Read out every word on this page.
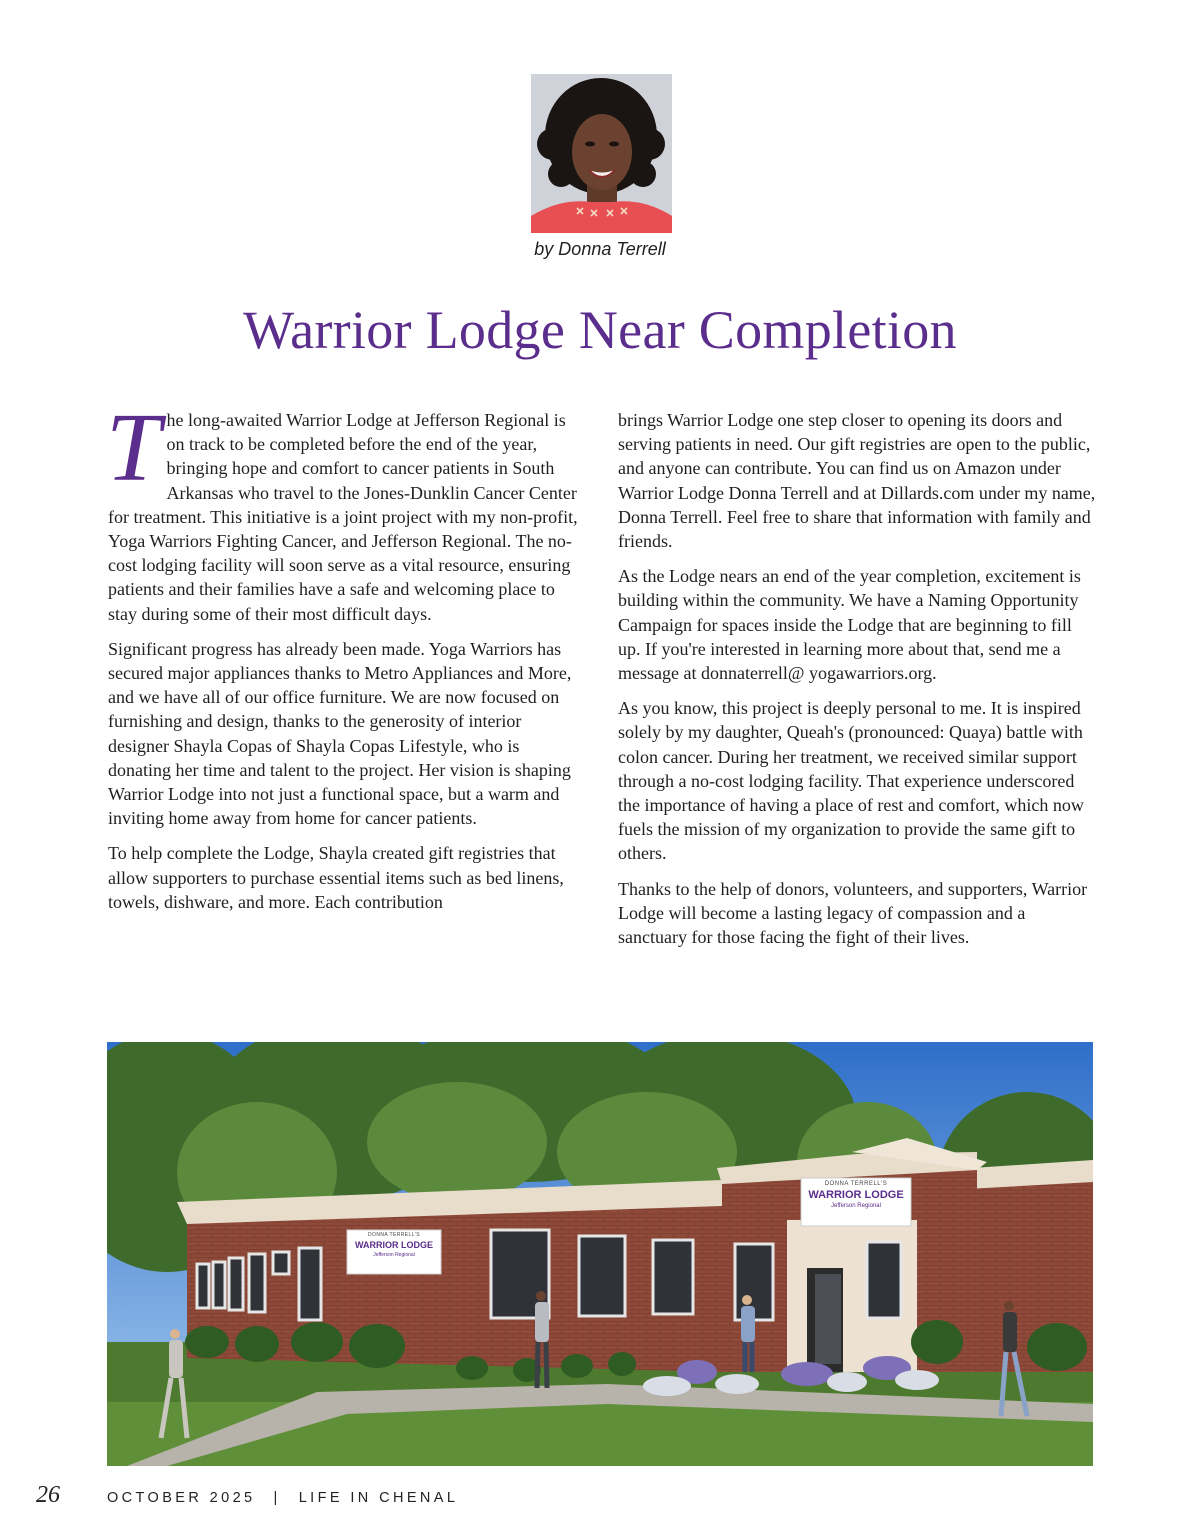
by Donna Terrell
Warrior Lodge Near Completion

The long-awaited Warrior Lodge at Jefferson Regional is on track to be completed before the end of the year, bringing hope and comfort to cancer patients in South Arkansas who travel to the Jones-Dunklin Cancer Center for treatment. This initiative is a joint project with my non-profit, Yoga Warriors Fighting Cancer, and Jefferson Regional. The no-cost lodging facility will soon serve as a vital resource, ensuring patients and their families have a safe and welcoming place to stay during some of their most difficult days.

Significant progress has already been made. Yoga Warriors has secured major appliances thanks to Metro Appliances and More, and we have all of our office furniture. We are now focused on furnishing and design, thanks to the generosity of interior designer Shayla Copas of Shayla Copas Lifestyle, who is donating her time and talent to the project. Her vision is shaping Warrior Lodge into not just a functional space, but a warm and inviting home away from home for cancer patients.

To help complete the Lodge, Shayla created gift registries that allow supporters to purchase essential items such as bed linens, towels, dishware, and more. Each contribution

brings Warrior Lodge one step closer to opening its doors and serving patients in need. Our gift registries are open to the public, and anyone can contribute. You can find us on Amazon under Warrior Lodge Donna Terrell and at Dillards.com under my name, Donna Terrell. Feel free to share that information with family and friends.

As the Lodge nears an end of the year completion, excitement is building within the community. We have a Naming Opportunity Campaign for spaces inside the Lodge that are beginning to fill up. If you're interested in learning more about that, send me a message at donnaterrell@ yogawarriors.org.

As you know, this project is deeply personal to me. It is inspired solely by my daughter, Queah's (pronounced: Quaya) battle with colon cancer. During her treatment, we received similar support through a no-cost lodging facility. That experience underscored the importance of having a place of rest and comfort, which now fuels the mission of my organization to provide the same gift to others.

Thanks to the help of donors, volunteers, and supporters, Warrior Lodge will become a lasting legacy of compassion and a sanctuary for those facing the fight of their lives.

DONNA TERRELL'S
WARRIOR LODGE
Jefferson Regional
DONNA TERRELL'S
WARRIOR LODGE
Jefferson Regional
26	OCTOBER 2025 | LIFE IN CHENAL
